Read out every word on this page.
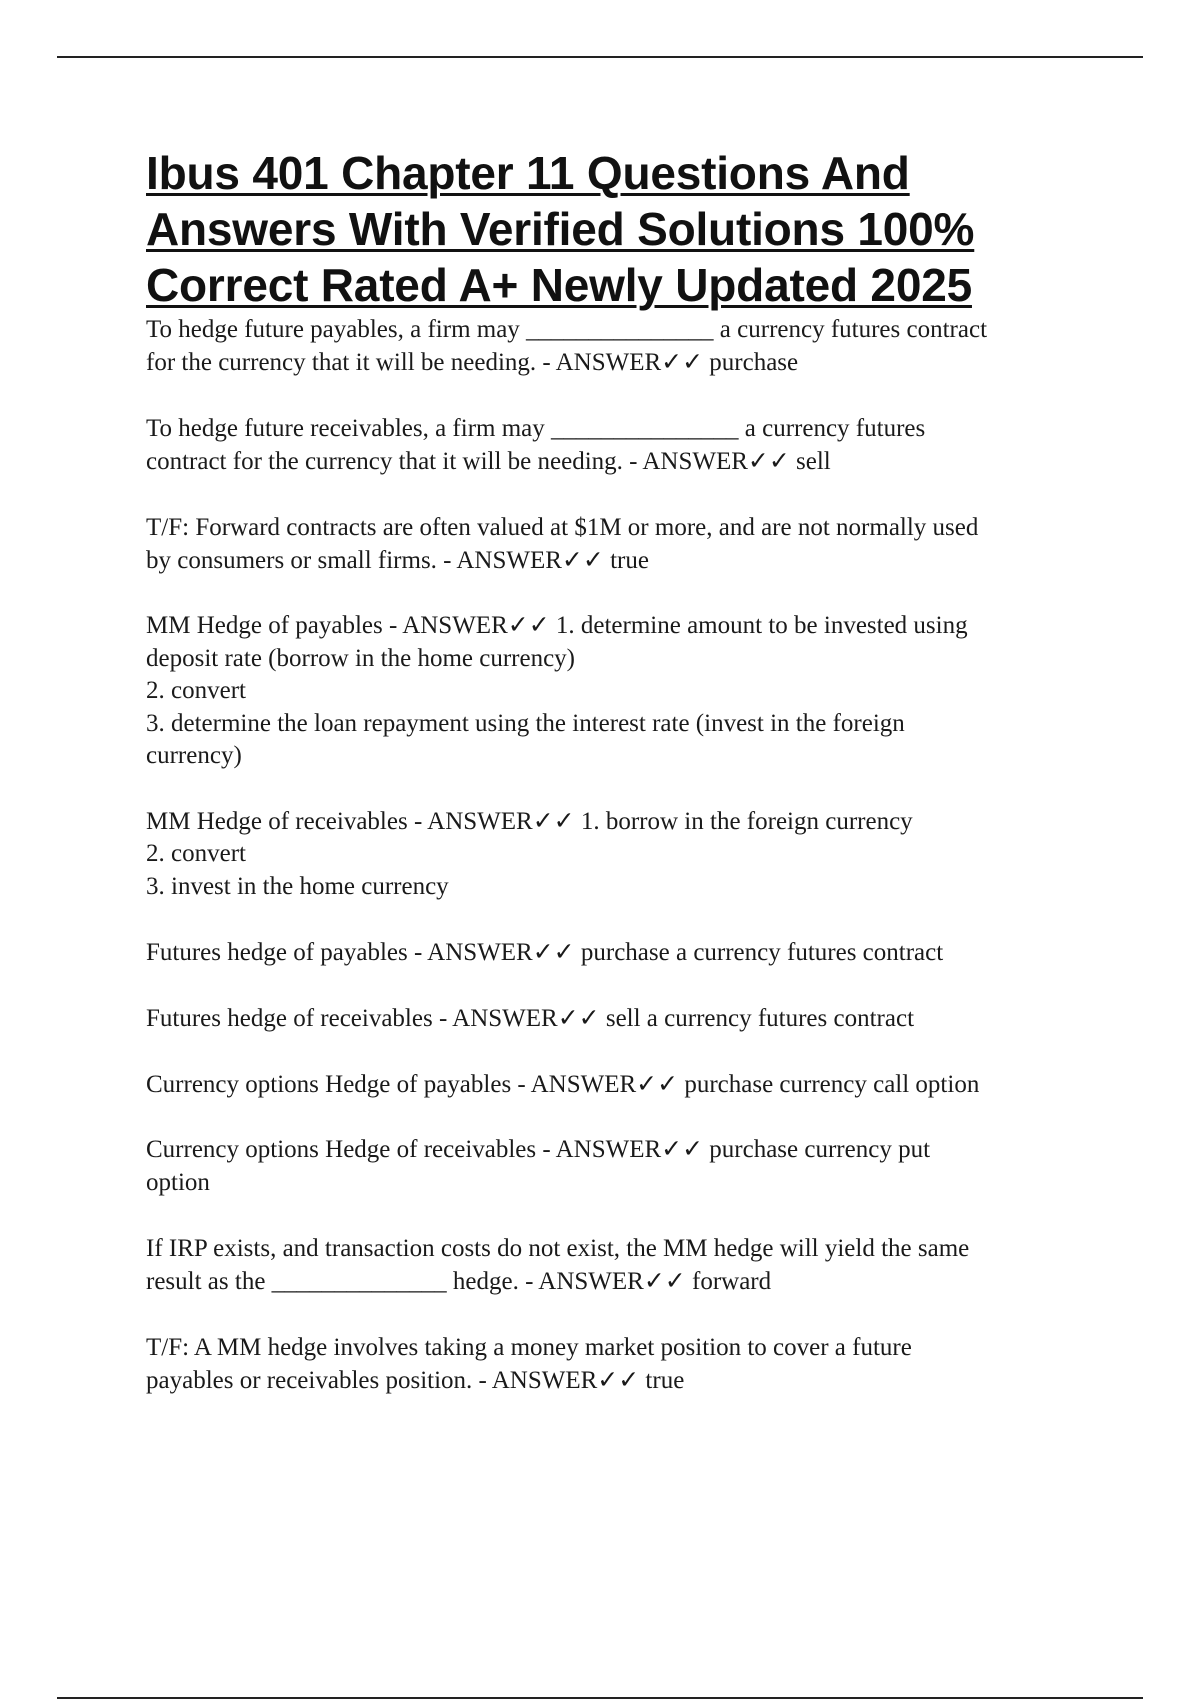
Ibus 401 Chapter 11 Questions And Answers With Verified Solutions 100% Correct Rated A+ Newly Updated 2025
To hedge future payables, a firm may _______________ a currency futures contract
for the currency that it will be needing. - ANSWER✓✓ purchase
To hedge future receivables, a firm may _______________ a currency futures
contract for the currency that it will be needing. - ANSWER✓✓ sell
T/F: Forward contracts are often valued at $1M or more, and are not normally used
by consumers or small firms. - ANSWER✓✓ true
MM Hedge of payables - ANSWER✓✓ 1. determine amount to be invested using
deposit rate (borrow in the home currency)
2. convert
3. determine the loan repayment using the interest rate (invest in the foreign
currency)
MM Hedge of receivables - ANSWER✓✓ 1. borrow in the foreign currency
2. convert
3. invest in the home currency
Futures hedge of payables - ANSWER✓✓ purchase a currency futures contract
Futures hedge of receivables - ANSWER✓✓ sell a currency futures contract
Currency options Hedge of payables - ANSWER✓✓ purchase currency call option
Currency options Hedge of receivables - ANSWER✓✓ purchase currency put
option
If IRP exists, and transaction costs do not exist, the MM hedge will yield the same
result as the ______________ hedge. - ANSWER✓✓ forward
T/F: A MM hedge involves taking a money market position to cover a future
payables or receivables position. - ANSWER✓✓ true
